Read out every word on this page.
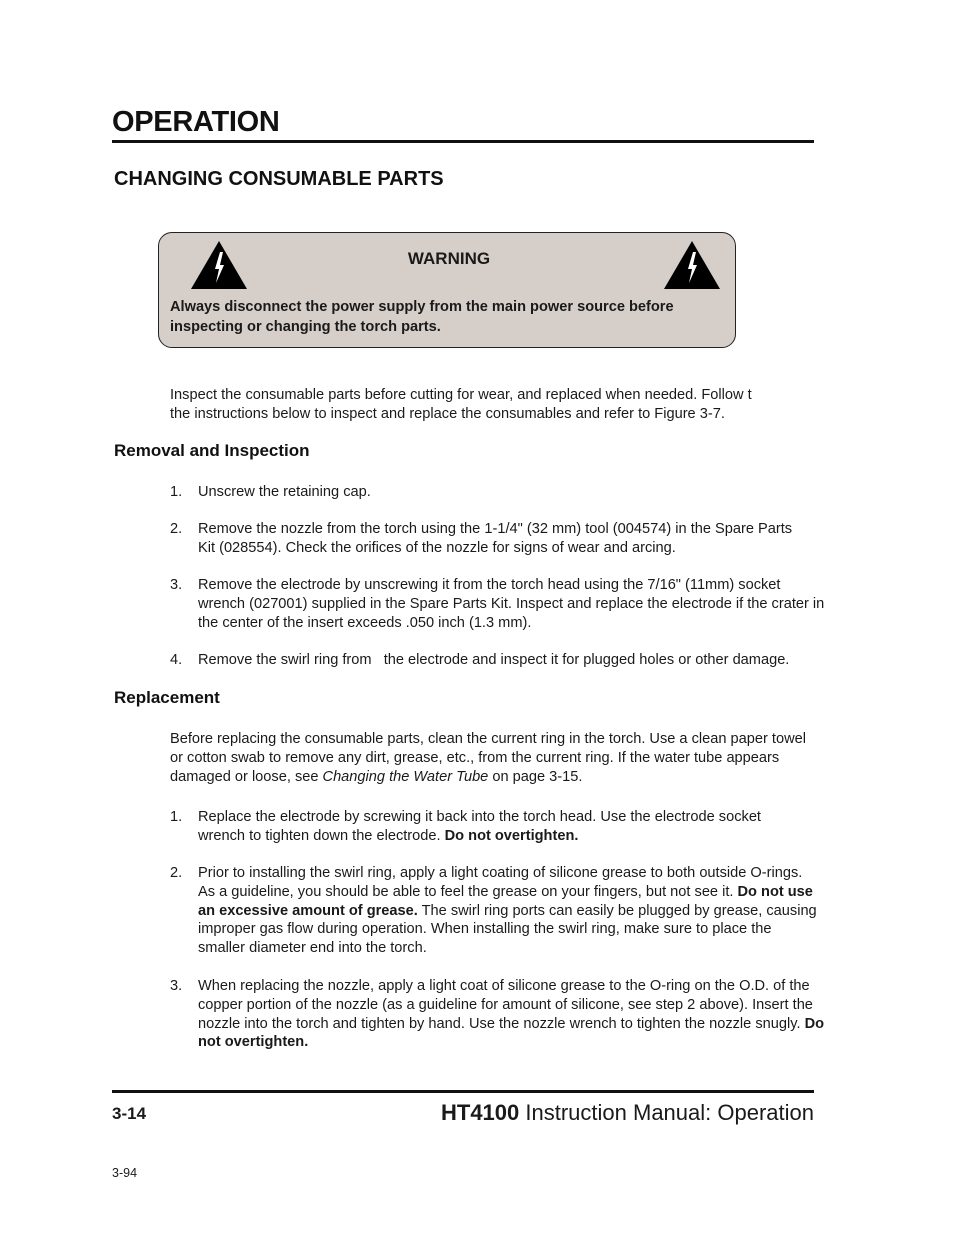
OPERATION
CHANGING CONSUMABLE PARTS
WARNING
Always disconnect the power supply from the main power source before inspecting or changing the torch parts.
Inspect the consumable parts before cutting for wear, and replaced when needed. Follow t
the instructions below to inspect and replace the consumables and refer to Figure 3-7.
Removal and Inspection
1. Unscrew the retaining cap.
2. Remove the nozzle from the torch using the 1-1/4" (32 mm) tool (004574) in the Spare Parts Kit (028554). Check the orifices of the nozzle for signs of wear and arcing.
3. Remove the electrode by unscrewing it from the torch head using the 7/16" (11mm) socket wrench (027001) supplied in the Spare Parts Kit. Inspect and replace the electrode if the crater in the center of the insert exceeds .050 inch (1.3 mm).
4. Remove the swirl ring from   the electrode and inspect it for plugged holes or other damage.
Replacement
Before replacing the consumable parts, clean the current ring in the torch. Use a clean paper towel or cotton swab to remove any dirt, grease, etc., from the current ring. If the water tube appears damaged or loose, see Changing the Water Tube on page 3-15.
1. Replace the electrode by screwing it back into the torch head. Use the electrode socket wrench to tighten down the electrode. Do not overtighten.
2. Prior to installing the swirl ring, apply a light coating of silicone grease to both outside O-rings. As a guideline, you should be able to feel the grease on your fingers, but not see it. Do not use an excessive amount of grease. The swirl ring ports can easily be plugged by grease, causing improper gas flow during operation. When installing the swirl ring, make sure to place the smaller diameter end into the torch.
3. When replacing the nozzle, apply a light coat of silicone grease to the O-ring on the O.D. of the copper portion of the nozzle (as a guideline for amount of silicone, see step 2 above). Insert the nozzle into the torch and tighten by hand. Use the nozzle wrench to tighten the nozzle snugly. Do not overtighten.
3-14	HT4100 Instruction Manual: Operation
3-94
